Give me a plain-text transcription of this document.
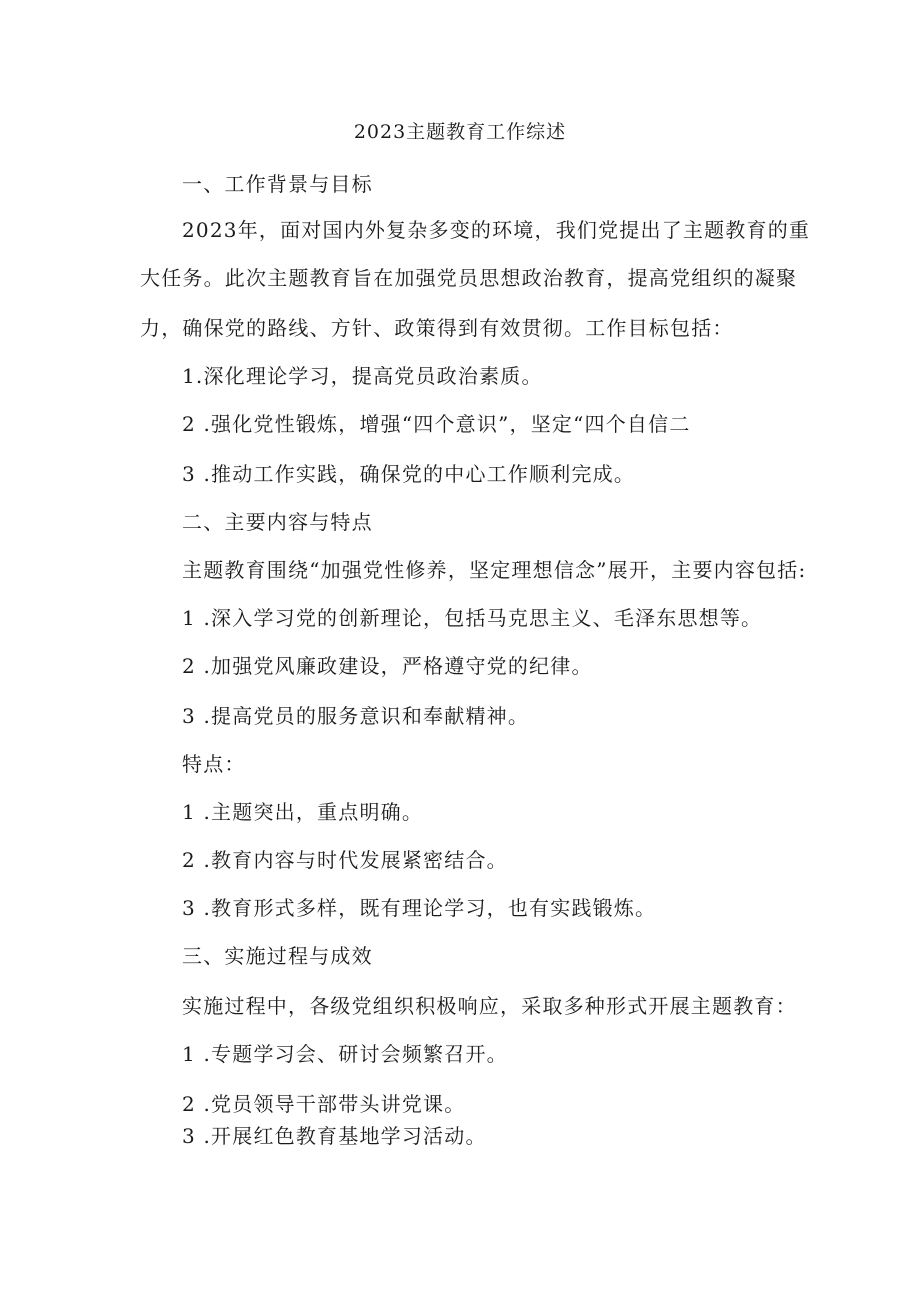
2023主题教育工作综述
一、工作背景与目标
2023年，面对国内外复杂多变的环境，我们党提出了主题教育的重
大任务。此次主题教育旨在加强党员思想政治教育，提高党组织的凝聚
力，确保党的路线、方针、政策得到有效贯彻。工作目标包括：
1.深化理论学习，提高党员政治素质。
2 .强化党性锻炼，增强“四个意识”，坚定“四个自信二
3 .推动工作实践，确保党的中心工作顺利完成。
二、主要内容与特点
主题教育围绕“加强党性修养，坚定理想信念”展开，主要内容包括:
1 .深入学习党的创新理论，包括马克思主义、毛泽东思想等。
2 .加强党风廉政建设，严格遵守党的纪律。
3 .提高党员的服务意识和奉献精神。
特点：
1 .主题突出，重点明确。
2 .教育内容与时代发展紧密结合。
3 .教育形式多样，既有理论学习，也有实践锻炼。
三、实施过程与成效
实施过程中，各级党组织积极响应，采取多种形式开展主题教育：
1 .专题学习会、研讨会频繁召开。
2 .党员领导干部带头讲党课。
3 .开展红色教育基地学习活动。
